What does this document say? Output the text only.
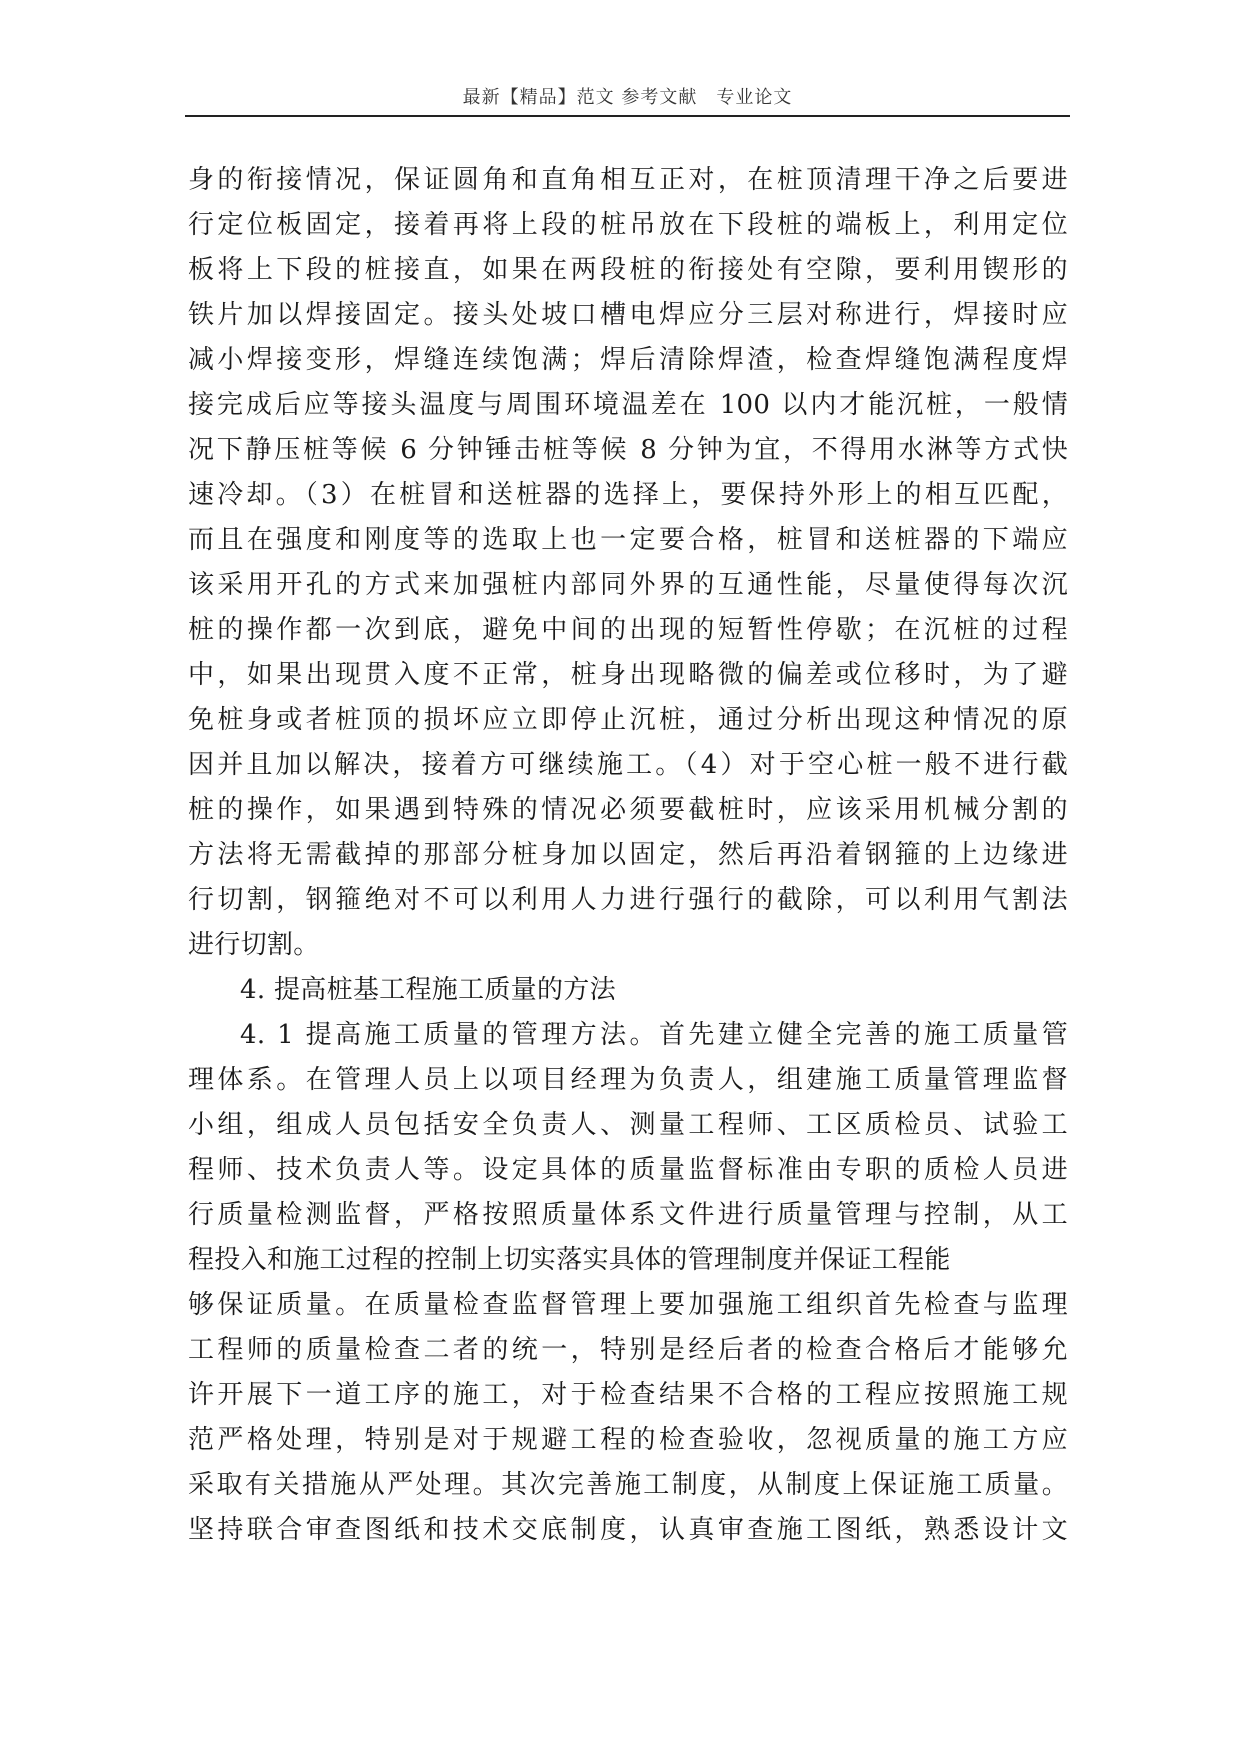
最新【精品】范文 参考文献　专业论文
身的衔接情况，保证圆角和直角相互正对，在桩顶清理干净之后要进
行定位板固定，接着再将上段的桩吊放在下段桩的端板上，利用定位
板将上下段的桩接直，如果在两段桩的衔接处有空隙，要利用锲形的
铁片加以焊接固定。接头处坡口槽电焊应分三层对称进行，焊接时应
减小焊接变形，焊缝连续饱满；焊后清除焊渣，检查焊缝饱满程度焊
接完成后应等接头温度与周围环境温差在 100 以内才能沉桩，一般情
况下静压桩等候 6 分钟锤击桩等候 8 分钟为宜，不得用水淋等方式快
速冷却。（3）在桩冒和送桩器的选择上，要保持外形上的相互匹配，
而且在强度和刚度等的选取上也一定要合格，桩冒和送桩器的下端应
该采用开孔的方式来加强桩内部同外界的互通性能，尽量使得每次沉
桩的操作都一次到底，避免中间的出现的短暂性停歇；在沉桩的过程
中，如果出现贯入度不正常，桩身出现略微的偏差或位移时，为了避
免桩身或者桩顶的损坏应立即停止沉桩，通过分析出现这种情况的原
因并且加以解决，接着方可继续施工。（4）对于空心桩一般不进行截
桩的操作，如果遇到特殊的情况必须要截桩时，应该采用机械分割的
方法将无需截掉的那部分桩身加以固定，然后再沿着钢箍的上边缘进
行切割，钢箍绝对不可以利用人力进行强行的截除，可以利用气割法
进行切割。
4. 提高桩基工程施工质量的方法
4. 1 提高施工质量的管理方法。首先建立健全完善的施工质量管
理体系。在管理人员上以项目经理为负责人，组建施工质量管理监督
小组，组成人员包括安全负责人、测量工程师、工区质检员、试验工
程师、技术负责人等。设定具体的质量监督标准由专职的质检人员进
行质量检测监督，严格按照质量体系文件进行质量管理与控制，从工
程投入和施工过程的控制上切实落实具体的管理制度并保证工程能
够保证质量。在质量检查监督管理上要加强施工组织首先检查与监理
工程师的质量检查二者的统一，特别是经后者的检查合格后才能够允
许开展下一道工序的施工，对于检查结果不合格的工程应按照施工规
范严格处理，特别是对于规避工程的检查验收，忽视质量的施工方应
采取有关措施从严处理。其次完善施工制度，从制度上保证施工质量。
坚持联合审查图纸和技术交底制度，认真审查施工图纸，熟悉设计文
